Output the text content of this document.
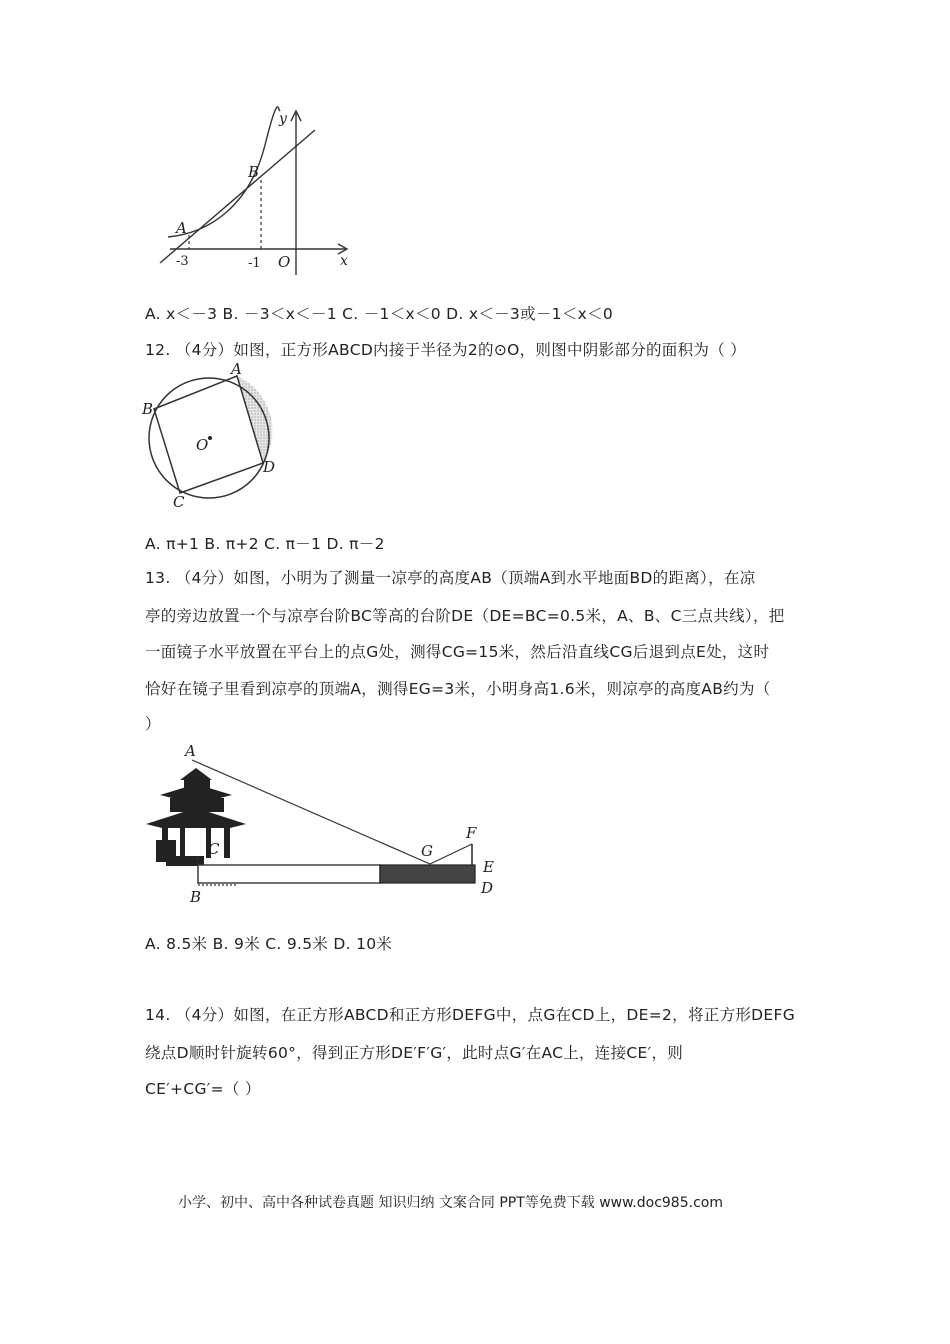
y
x
B
A
O
-3	-1
A. x＜－3 B. －3＜x＜－1 C. －1＜x＜0 D. x＜－3或－1＜x＜0
12. （4分）如图，正方形ABCD内接于半径为2的⊙O，则图中阴影部分的面积为（ ）
A
B
C
D
O
A. π+1 B. π+2 C. π－1 D. π－2
13. （4分）如图，小明为了测量一凉亭的高度AB（顶端A到水平地面BD的距离），在凉
亭的旁边放置一个与凉亭台阶BC等高的台阶DE（DE=BC=0.5米，A、B、C三点共线），把
一面镜子水平放置在平台上的点G处，测得CG=15米，然后沿直线CG后退到点E处，这时
恰好在镜子里看到凉亭的顶端A，测得EG=3米，小明身高1.6米，则凉亭的高度AB约为（
）
A
C
B
G
F
E
D
A. 8.5米 B. 9米 C. 9.5米 D. 10米
14. （4分）如图，在正方形ABCD和正方形DEFG中，点G在CD上，DE=2，将正方形DEFG
绕点D顺时针旋转60°，得到正方形DE′F′G′，此时点G′在AC上，连接CE′，则
CE′+CG′=（ ）
小学、初中、高中各种试卷真题 知识归纳 文案合同 PPT等免费下载 www.doc985.com
